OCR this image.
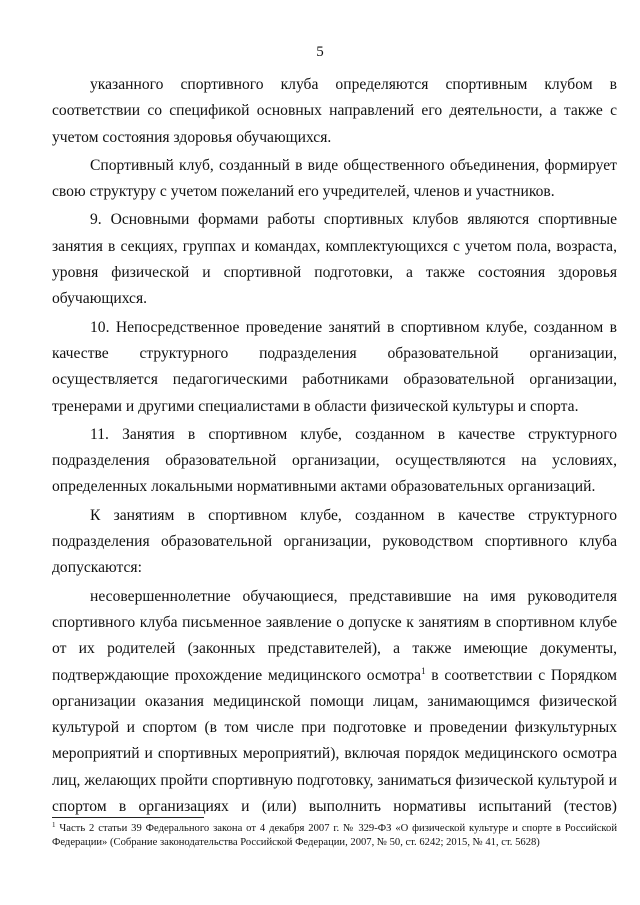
5

указанного спортивного клуба определяются спортивным клубом в соответствии со спецификой основных направлений его деятельности, а также с учетом состояния здоровья обучающихся.

Спортивный клуб, созданный в виде общественного объединения, формирует свою структуру с учетом пожеланий его учредителей, членов и участников.

9. Основными формами работы спортивных клубов являются спортивные занятия в секциях, группах и командах, комплектующихся с учетом пола, возраста, уровня физической и спортивной подготовки, а также состояния здоровья обучающихся.

10. Непосредственное проведение занятий в спортивном клубе, созданном в качестве структурного подразделения образовательной организации, осуществляется педагогическими работниками образовательной организации, тренерами и другими специалистами в области физической культуры и спорта.

11. Занятия в спортивном клубе, созданном в качестве структурного подразделения образовательной организации, осуществляются на условиях, определенных локальными нормативными актами образовательных организаций.

К занятиям в спортивном клубе, созданном в качестве структурного подразделения образовательной организации, руководством спортивного клуба допускаются:

несовершеннолетние обучающиеся, представившие на имя руководителя спортивного клуба письменное заявление о допуске к занятиям в спортивном клубе от их родителей (законных представителей), а также имеющие документы, подтверждающие прохождение медицинского осмотра$^1$ в соответствии с Порядком организации оказания медицинской помощи лицам, занимающимся физической культурой и спортом (в том числе при подготовке и проведении физкультурных мероприятий и спортивных мероприятий), включая порядок медицинского осмотра лиц, желающих пройти спортивную подготовку, заниматься физической культурой и спортом в организациях и (или) выполнить нормативы испытаний (тестов)

$^1$ Часть 2 статьи 39 Федерального закона от 4 декабря 2007 г. № 329-ФЗ «О физической культуре и спорте в Российской Федерации» (Собрание законодательства Российской Федерации, 2007, № 50, ст. 6242; 2015, № 41, ст. 5628)
